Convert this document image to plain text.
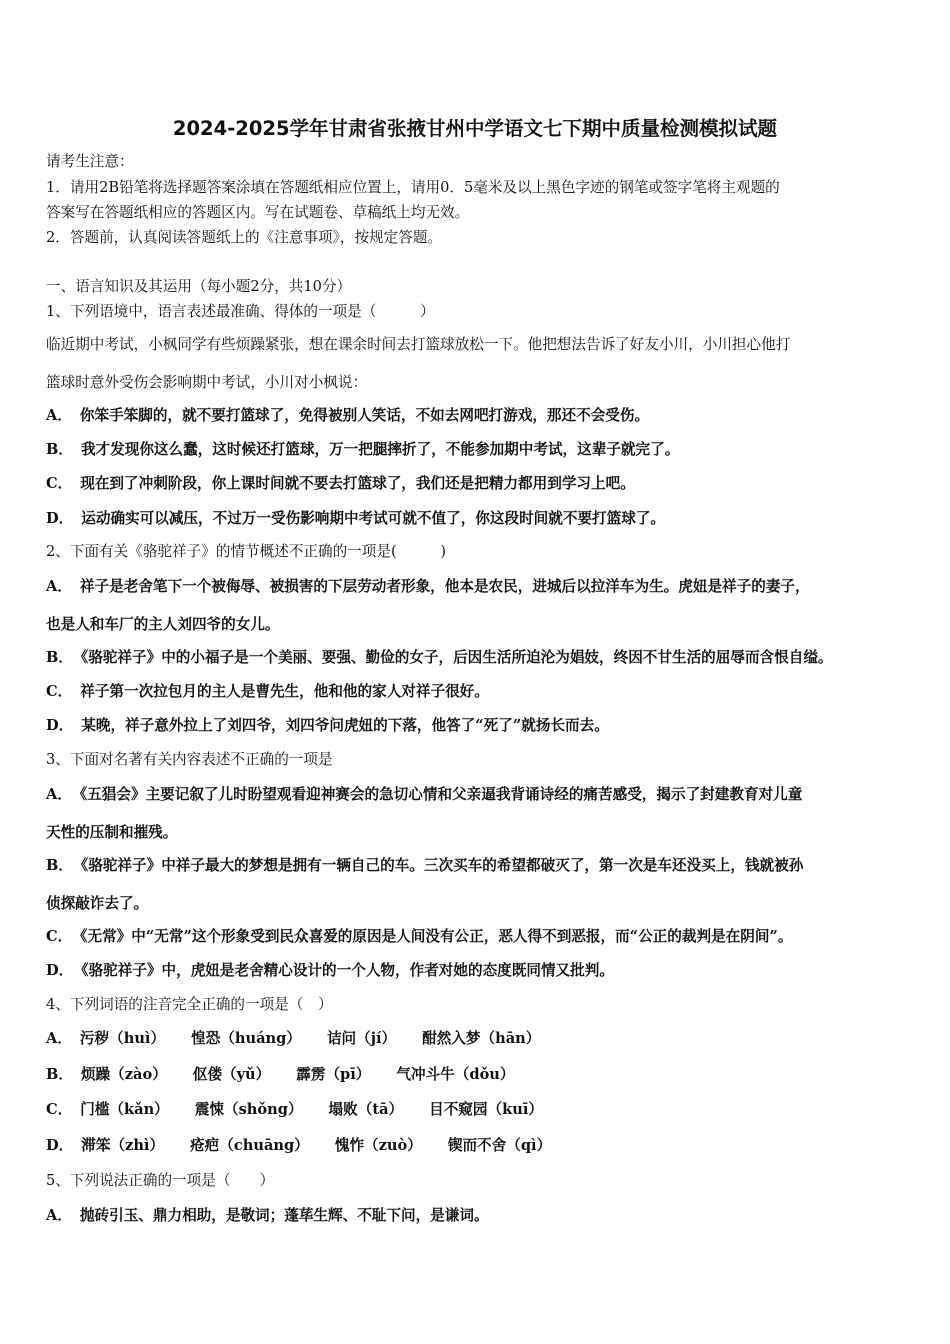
2024-2025学年甘肃省张掖甘州中学语文七下期中质量检测模拟试题
请考生注意：
1．请用2B铅笔将选择题答案涂填在答题纸相应位置上，请用0．5毫米及以上黑色字迹的钢笔或签字笔将主观题的
答案写在答题纸相应的答题区内。写在试题卷、草稿纸上均无效。
2．答题前，认真阅读答题纸上的《注意事项》，按规定答题。
一、语言知识及其运用（每小题2分，共10分）
1、下列语境中，语言表述最准确、得体的一项是（　　　）
临近期中考试，小枫同学有些烦躁紧张，想在课余时间去打篮球放松一下。他把想法告诉了好友小川，小川担心他打
篮球时意外受伤会影响期中考试，小川对小枫说：
A． 你笨手笨脚的，就不要打篮球了，免得被别人笑话，不如去网吧打游戏，那还不会受伤。
B． 我才发现你这么蠢，这时候还打篮球，万一把腿摔折了，不能参加期中考试，这辈子就完了。
C． 现在到了冲刺阶段，你上课时间就不要去打篮球了，我们还是把精力都用到学习上吧。
D． 运动确实可以减压，不过万一受伤影响期中考试可就不值了，你这段时间就不要打篮球了。
2、下面有关《骆驼祥子》的情节概述不正确的一项是(　　　)
A． 祥子是老舍笔下一个被侮辱、被损害的下层劳动者形象，他本是农民，进城后以拉洋车为生。虎妞是祥子的妻子，
也是人和车厂的主人刘四爷的女儿。
B． 《骆驼祥子》中的小福子是一个美丽、要强、勤俭的女子，后因生活所迫沦为娼妓，终因不甘生活的屈辱而含恨自缢。
C． 祥子第一次拉包月的主人是曹先生，他和他的家人对祥子很好。
D． 某晚，祥子意外拉上了刘四爷，刘四爷问虎妞的下落，他答了“死了”就扬长而去。
3、下面对名著有关内容表述不正确的一项是
A． 《五猖会》主要记叙了儿时盼望观看迎神赛会的急切心情和父亲逼我背诵诗经的痛苦感受，揭示了封建教育对儿童
天性的压制和摧残。
B． 《骆驼祥子》中祥子最大的梦想是拥有一辆自己的车。三次买车的希望都破灭了，第一次是车还没买上，钱就被孙
侦探敲诈去了。
C． 《无常》中“无常”这个形象受到民众喜爱的原因是人间没有公正，恶人得不到恶报，而“公正的裁判是在阴间”。
D． 《骆驼祥子》中，虎妞是老舍精心设计的一个人物，作者对她的态度既同情又批判。
4、下列词语的注音完全正确的一项是（　）
A． 污秽（huì） 惶恐（huáng） 诘问（jí） 酣然入梦（hān）
B． 烦躁（zào） 伛偻（yǔ） 霹雳（pī） 气冲斗牛（dǒu）
C． 门槛（kǎn） 震悚（shǒng） 塌败（tā） 目不窥园（kuī）
D． 滞笨（zhì） 疮疤（chuāng） 愧怍（zuò） 锲而不舍（qì）
5、下列说法正确的一项是（　　）
A． 抛砖引玉、鼎力相助，是敬词；蓬荜生辉、不耻下问，是谦词。
